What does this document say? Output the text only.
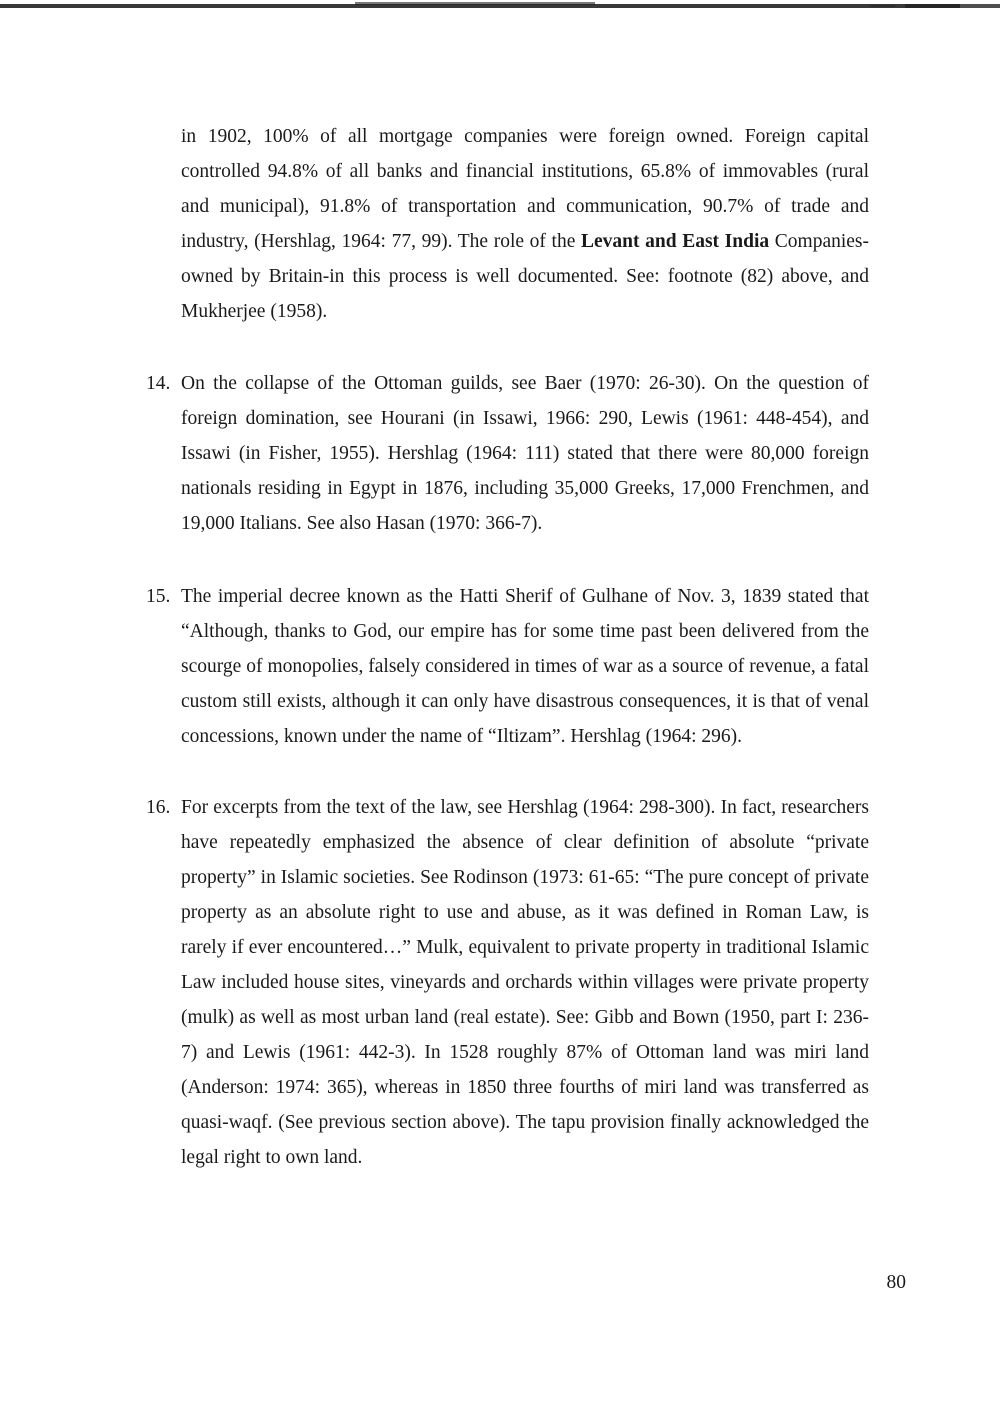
in 1902, 100% of all mortgage companies were foreign owned. Foreign capital controlled 94.8% of all banks and financial institutions, 65.8% of immovables (rural and municipal), 91.8% of transportation and communication, 90.7% of trade and industry, (Hershlag, 1964: 77, 99). The role of the Levant and East India Companies-owned by Britain-in this process is well documented. See: footnote (82) above, and Mukherjee (1958).
14. On the collapse of the Ottoman guilds, see Baer (1970: 26-30). On the question of foreign domination, see Hourani (in Issawi, 1966: 290, Lewis (1961: 448-454), and Issawi (in Fisher, 1955). Hershlag (1964: 111) stated that there were 80,000 foreign nationals residing in Egypt in 1876, including 35,000 Greeks, 17,000 Frenchmen, and 19,000 Italians. See also Hasan (1970: 366-7).
15. The imperial decree known as the Hatti Sherif of Gulhane of Nov. 3, 1839 stated that “Although, thanks to God, our empire has for some time past been delivered from the scourge of monopolies, falsely considered in times of war as a source of revenue, a fatal custom still exists, although it can only have disastrous consequences, it is that of venal concessions, known under the name of “Iltizam”. Hershlag (1964: 296).
16. For excerpts from the text of the law, see Hershlag (1964: 298-300). In fact, researchers have repeatedly emphasized the absence of clear definition of absolute “private property” in Islamic societies. See Rodinson (1973: 61-65: “The pure concept of private property as an absolute right to use and abuse, as it was defined in Roman Law, is rarely if ever encountered…” Mulk, equivalent to private property in traditional Islamic Law included house sites, vineyards and orchards within villages were private property (mulk) as well as most urban land (real estate). See: Gibb and Bown (1950, part I: 236-7) and Lewis (1961: 442-3). In 1528 roughly 87% of Ottoman land was miri land (Anderson: 1974: 365), whereas in 1850 three fourths of miri land was transferred as quasi-waqf. (See previous section above). The tapu provision finally acknowledged the legal right to own land.
80
